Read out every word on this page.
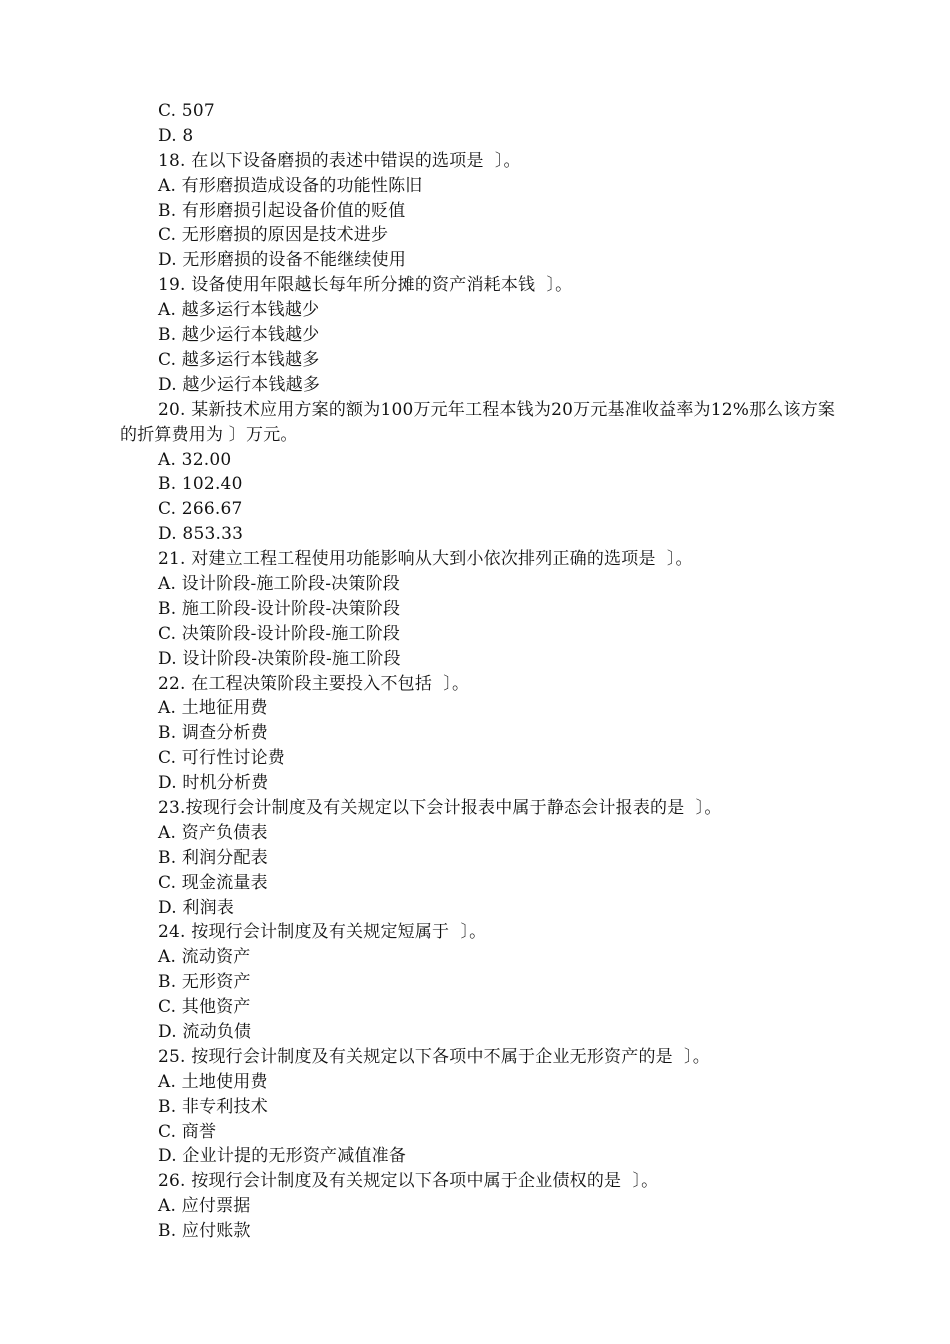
C. 507
D. 8
18. 在以下设备磨损的表述中错误的选项是  〕。
A. 有形磨损造成设备的功能性陈旧
B. 有形磨损引起设备价值的贬值
C. 无形磨损的原因是技术进步
D. 无形磨损的设备不能继续使用
19. 设备使用年限越长每年所分摊的资产消耗本钱  〕。
A. 越多运行本钱越少
B. 越少运行本钱越少
C. 越多运行本钱越多
D. 越少运行本钱越多
20. 某新技术应用方案的额为100万元年工程本钱为20万元基准收益率为12%那么该方案的折算费用为 〕万元。
A. 32.00
B. 102.40
C. 266.67
D. 853.33
21. 对建立工程工程使用功能影响从大到小依次排列正确的选项是  〕。
A. 设计阶段-施工阶段-决策阶段
B. 施工阶段-设计阶段-决策阶段
C. 决策阶段-设计阶段-施工阶段
D. 设计阶段-决策阶段-施工阶段
22. 在工程决策阶段主要投入不包括  〕。
A. 土地征用费
B. 调查分析费
C. 可行性讨论费
D. 时机分析费
23.按现行会计制度及有关规定以下会计报表中属于静态会计报表的是  〕。
A. 资产负债表
B. 利润分配表
C. 现金流量表
D. 利润表
24. 按现行会计制度及有关规定短属于  〕。
A. 流动资产
B. 无形资产
C. 其他资产
D. 流动负债
25. 按现行会计制度及有关规定以下各项中不属于企业无形资产的是  〕。
A. 土地使用费
B. 非专利技术
C. 商誉
D. 企业计提的无形资产减值准备
26. 按现行会计制度及有关规定以下各项中属于企业债权的是  〕。
A. 应付票据
B. 应付账款
